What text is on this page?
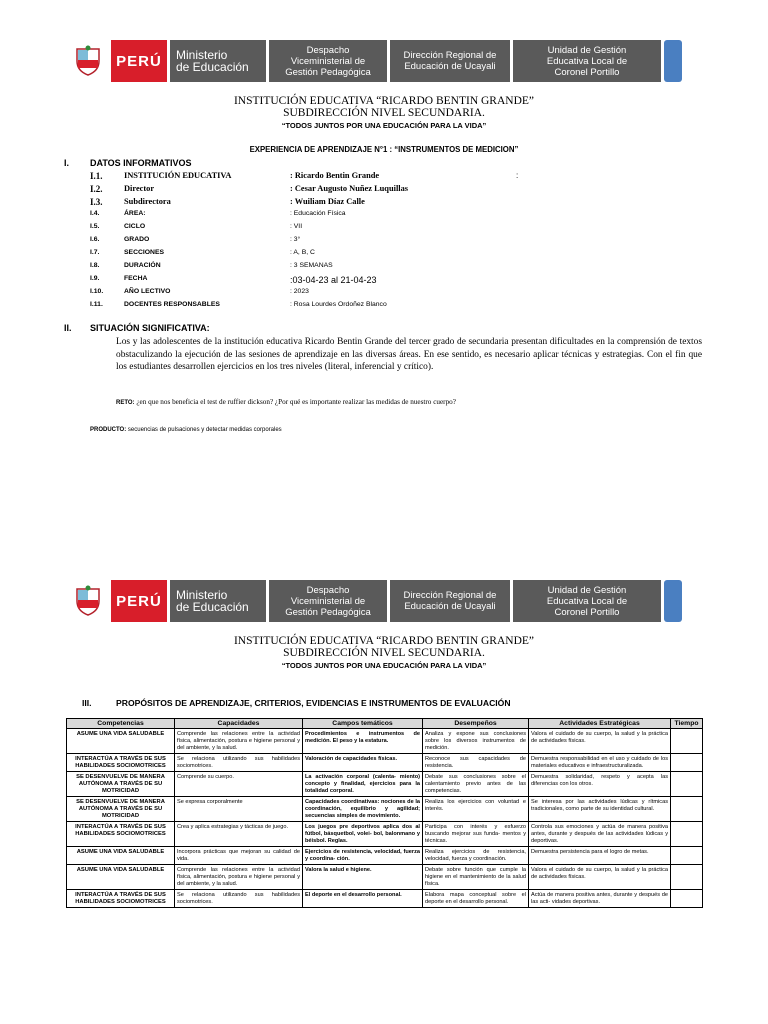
PERÚ	Ministerio
de Educación
Despacho
Viceministerial de
Gestión Pedagógica
Dirección Regional de
Educación de Ucayali
Unidad de Gestión
Educativa Local de
Coronel Portillo
INSTITUCIÓN EDUCATIVA “RICARDO BENTIN GRANDE”
SUBDIRECCIÓN NIVEL SECUNDARIA.
“TODOS JUNTOS POR UNA EDUCACIÓN PARA LA VIDA”
EXPERIENCIA DE APRENDIZAJE N°1 : “INSTRUMENTOS DE MEDICION”
I. DATOS INFORMATIVOS
I.1.	INSTITUCIÓN EDUCATIVA	: Ricardo Bentin Grande	:
I.2.	Director	: Cesar Augusto Nuñez Luquillas
I.3.	Subdirectora	: Wuiliam Díaz Calle
I.4.	ÁREA:	: Educación Física
I.5.	CICLO	: VII
I.6.	GRADO	: 3°
I.7.	SECCIONES	: A, B, C
I.8.	DURACIÓN	: 3 SEMANAS
I.9.	FECHA	:03-04-23 al 21-04-23
I.10.	AÑO LECTIVO	: 2023
I.11.	DOCENTES RESPONSABLES	: Rosa Lourdes Ordoñez Blanco
II. SITUACIÓN SIGNIFICATIVA:
Los y las adolescentes de la institución educativa Ricardo Bentin Grande del tercer grado de secundaria presentan dificultades en la comprensión de textos obstaculizando la ejecución de las sesiones de aprendizaje en las diversas áreas. En ese sentido, es necesario aplicar técnicas y estrategias. Con el fin que los estudiantes desarrollen ejercicios en los tres niveles (literal, inferencial y crítico).
RETO: ¿en que nos beneficia el test de ruffier dickson? ¿Por qué es importante realizar las medidas de nuestro cuerpo?
PRODUCTO: secuencias de pulsaciones y detectar medidas corporales
PERÚ	Ministerio
de Educación
Despacho
Viceministerial de
Gestión Pedagógica
Dirección Regional de
Educación de Ucayali
Unidad de Gestión
Educativa Local de
Coronel Portillo
INSTITUCIÓN EDUCATIVA “RICARDO BENTIN GRANDE”
SUBDIRECCIÓN NIVEL SECUNDARIA.
“TODOS JUNTOS POR UNA EDUCACIÓN PARA LA VIDA”
III.	PROPÓSITOS DE APRENDIZAJE, CRITERIOS, EVIDENCIAS E INSTRUMENTOS DE EVALUACIÓN
Competencias	Capacidades	Campos temáticos	Desempeños	Actividades Estratégicas	Tiempo
ASUME UNA VIDA SALUDABLE	Comprende las relaciones entre la actividad física, alimentación, postura e higiene personal y del ambiente, y la salud.	Procedimientos e instrumentos de medición. El peso y la estatura.	Analiza y expone sus conclusiones sobre los diversos instrumentos de medición.	Valora el cuidado de su cuerpo, la salud y la práctica de actividades físicas.	
INTERACTÚA A TRAVÉS DE SUS HABILIDADES SOCIOMOTRICES	Se relaciona utilizando sus habilidades sociomotrices.	Valoración de capacidades físicas.	Reconoce sus capacidades de resistencia.	Demuestra responsabilidad en el uso y cuidado de los materiales educativos e infraestructuralizada.	
SE DESENVUELVE DE MANERA AUTÓNOMA A TRAVÉS DE SU MOTRICIDAD	Comprende su cuerpo.	La activación corporal (calenta- miento) concepto y finalidad, ejercicios para la totalidad corporal.	Debate sus conclusiones sobre el calentamiento previo antes de las competencias.	Demuestra solidaridad, respeto y acepta las diferencias con los otros.	
SE DESENVUELVE DE MANERA AUTÓNOMA A TRAVÉS DE SU MOTRICIDAD	Se expresa corporalmente	Capacidades coordinativas: nociones de la coordinación, equilibrio y agilidad; secuencias simples de movimiento.	Realiza los ejercicios con voluntad e interés.	Se interesa por las actividades lúdicas y rítmicas tradicionales, como parte de su identidad cultural.	
INTERACTÚA A TRAVÉS DE SUS HABILIDADES SOCIOMOTRICES	Crea y aplica estrategias y tácticas de juego.	Los juegos pre deportivos aplica dos al fútbol, básquetbol, volei- bol, balonmano y béisbol. Reglas.	Participa con interés y esfuerzo buscando mejorar sus funda- mentos y técnicas.	Controla sus emociones y actúa de manera positiva antes, durante y después de las actividades lúdicas y deportivas.	
ASUME UNA VIDA SALUDABLE	Incorpora prácticas que mejoran su calidad de vida.	Ejercicios de resistencia, velocidad, fuerza y coordina- ción.	Realiza ejercicios de resistencia, velocidad, fuerza y coordinación.	Demuestra persistencia para el logro de metas.	
ASUME UNA VIDA SALUDABLE	Comprende las relaciones entre la actividad física, alimentación, postura e higiene personal y del ambiente, y la salud.	Valora la salud e higiene.	Debate sobre función que cumple la higiene en el mantenimiento de la salud física.	Valora el cuidado de su cuerpo, la salud y la práctica de actividades físicas.	
INTERACTÚA A TRAVÉS DE SUS HABILIDADES SOCIOMOTRICES	Se relaciona utilizando sus habilidades sociomotrices.	El deporte en el desarrollo personal.	Elabora mapa conceptual sobre el deporte en el desarrollo personal.	Actúa de manera positiva antes, durante y después de las acti- vidades deportivas.	
